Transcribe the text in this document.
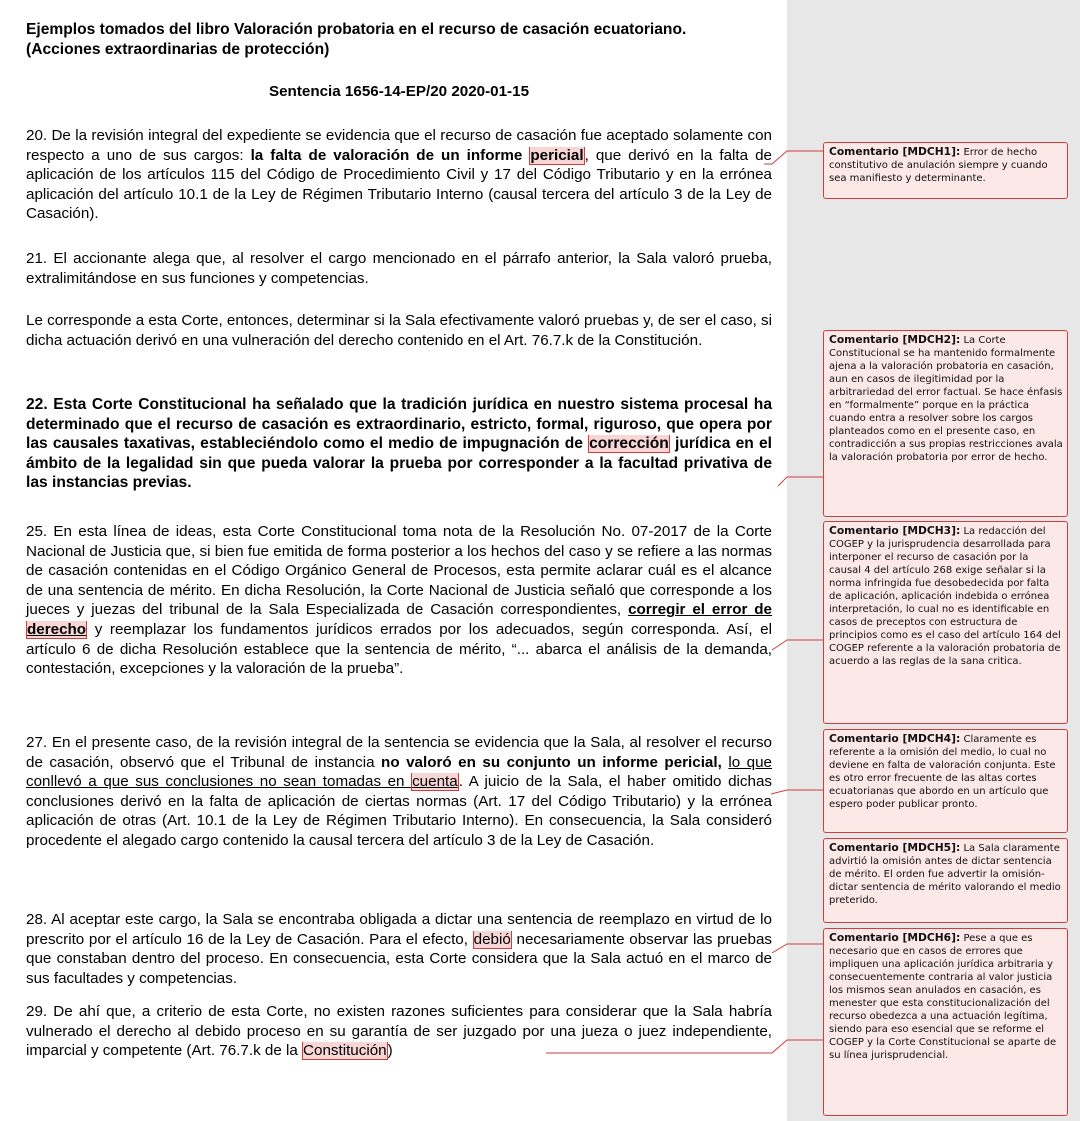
Ejemplos tomados del libro Valoración probatoria en el recurso de casación ecuatoriano.
(Acciones extraordinarias de protección)
Sentencia 1656-14-EP/20 2020-01-15
20. De la revisión integral del expediente se evidencia que el recurso de casación fue aceptado solamente con respecto a uno de sus cargos: la falta de valoración de un informe pericial, que derivó en la falta de aplicación de los artículos 115 del Código de Procedimiento Civil y 17 del Código Tributario y en la errónea aplicación del artículo 10.1 de la Ley de Régimen Tributario Interno (causal tercera del artículo 3 de la Ley de Casación).
21. El accionante alega que, al resolver el cargo mencionado en el párrafo anterior, la Sala valoró prueba, extralimitándose en sus funciones y competencias.
Le corresponde a esta Corte, entonces, determinar si la Sala efectivamente valoró pruebas y, de ser el caso, si dicha actuación derivó en una vulneración del derecho contenido en el Art. 76.7.k de la Constitución.
22. Esta Corte Constitucional ha señalado que la tradición jurídica en nuestro sistema procesal ha determinado que el recurso de casación es extraordinario, estricto, formal, riguroso, que opera por las causales taxativas, estableciéndolo como el medio de impugnación de corrección jurídica en el ámbito de la legalidad sin que pueda valorar la prueba por corresponder a la facultad privativa de las instancias previas.
25. En esta línea de ideas, esta Corte Constitucional toma nota de la Resolución No. 07-2017 de la Corte Nacional de Justicia que, si bien fue emitida de forma posterior a los hechos del caso y se refiere a las normas de casación contenidas en el Código Orgánico General de Procesos, esta permite aclarar cuál es el alcance de una sentencia de mérito. En dicha Resolución, la Corte Nacional de Justicia señaló que corresponde a los jueces y juezas del tribunal de la Sala Especializada de Casación correspondientes, corregir el error de derecho y reemplazar los fundamentos jurídicos errados por los adecuados, según corresponda. Así, el artículo 6 de dicha Resolución establece que la sentencia de mérito, “... abarca el análisis de la demanda, contestación, excepciones y la valoración de la prueba”.
27. En el presente caso, de la revisión integral de la sentencia se evidencia que la Sala, al resolver el recurso de casación, observó que el Tribunal de instancia no valoró en su conjunto un informe pericial, lo que conllevó a que sus conclusiones no sean tomadas en cuenta. A juicio de la Sala, el haber omitido dichas conclusiones derivó en la falta de aplicación de ciertas normas (Art. 17 del Código Tributario) y la errónea aplicación de otras (Art. 10.1 de la Ley de Régimen Tributario Interno). En consecuencia, la Sala consideró procedente el alegado cargo contenido la causal tercera del artículo 3 de la Ley de Casación.
28. Al aceptar este cargo, la Sala se encontraba obligada a dictar una sentencia de reemplazo en virtud de lo prescrito por el artículo 16 de la Ley de Casación. Para el efecto, debió necesariamente observar las pruebas que constaban dentro del proceso. En consecuencia, esta Corte considera que la Sala actuó en el marco de sus facultades y competencias.
29. De ahí que, a criterio de esta Corte, no existen razones suficientes para considerar que la Sala habría vulnerado el derecho al debido proceso en su garantía de ser juzgado por una jueza o juez independiente, imparcial y competente (Art. 76.7.k de la Constitución)
Comentario [MDCH1]: Error de hecho constitutivo de anulación siempre y cuando sea manifiesto y determinante.
Comentario [MDCH2]: La Corte Constitucional se ha mantenido formalmente ajena a la valoración probatoria en casación, aun en casos de ilegitimidad por la arbitrariedad del error factual. Se hace énfasis en “formalmente” porque en la práctica cuando entra a resolver sobre los cargos planteados como en el presente caso, en contradicción a sus propias restricciones avala la valoración probatoria por error de hecho.
Comentario [MDCH3]: La redacción del COGEP y la jurisprudencia desarrollada para interponer el recurso de casación por la causal 4 del artículo 268 exige señalar si la norma infringida fue desobedecida por falta de aplicación, aplicación indebida o errónea interpretación, lo cual no es identificable en casos de preceptos con estructura de principios como es el caso del artículo 164 del COGEP referente a la valoración probatoria de acuerdo a las reglas de la sana critica.
Comentario [MDCH4]: Claramente es referente a la omisión del medio, lo cual no deviene en falta de valoración conjunta. Este es otro error frecuente de las altas cortes ecuatorianas que abordo en un artículo que espero poder publicar pronto.
Comentario [MDCH5]: La Sala claramente advirtió la omisión antes de dictar sentencia de mérito. El orden fue advertir la omisión-dictar sentencia de mérito valorando el medio preterido.
Comentario [MDCH6]: Pese a que es necesario que en casos de errores que impliquen una aplicación jurídica arbitraria y consecuentemente contraria al valor justicia los mismos sean anulados en casación, es menester que esta constitucionalización del recurso obedezca a una actuación legítima, siendo para eso esencial que se reforme el COGEP y la Corte Constitucional se aparte de su línea jurisprudencial.
